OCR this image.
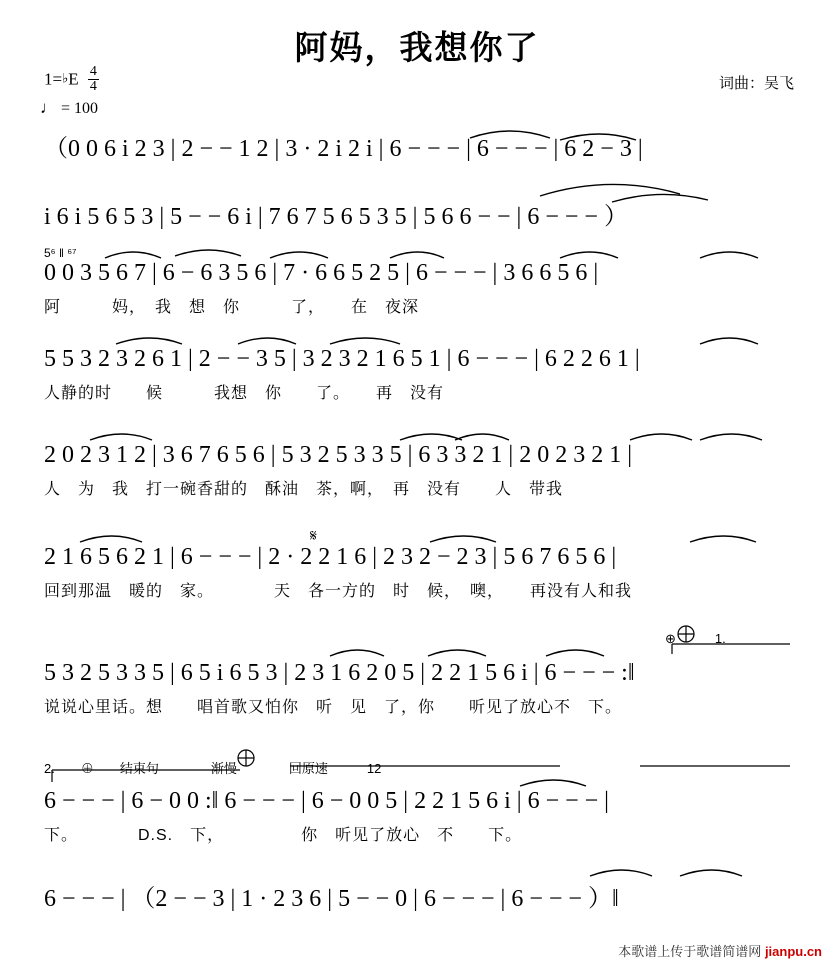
阿妈，我想你了
1=♭E $\frac{4}{4}$
♩ = 100
词曲：吴飞
（0 0 6 i 2 3 | 2 − − 1 2 | 3 · 2 i 2 i | 6 − − − | 6 − − − | 6 2 − 3 |
i 6 i 5 6 5 3 | 5 − − 6 i | 7 6 7 5 6 5 3 5 | 5 6 6 − − | 6 − − − ）
5⁶ ‖ ⁶⁷
0 0 3 5 6 7 | 6 − 6 3 5 6 | 7 · 6 6 5 2 5 | 6 − − − | 3 6 6 5 6 |
阿　　　妈，　我　想　你　　　了，　　在　夜深
5 5 3 2 3 2 6 1 | 2 − − 3 5 | 3 2 3 2 1 6 5 1 | 6 − − − | 6 2 2 6 1 |
人静的时　　候　　　我想　你　　了。　　再　没有
2 0 2 3 1 2 | 3 6 7 6 5 6 | 5 3 2 5 3 3 5 | 6 3 3 2 1 | 2 0 2 3 2 1 |
人　为　我　打一碗香甜的　酥油　茶，啊，　再　没有　　人　带我
𝄋
2 1 6 5 6 2 1 | 6 − − − | 2 · 2 2 1 6 | 2 3 2 − 2 3 | 5 6 7 6 5 6 |
回到那温　暖的　家。　　　　天　各一方的　时　候，　噢，　　再没有人和我
⊕　　　1.
5 3 2 5 3 3 5 | 6 5 i 6 5 3 | 2 3 1 6 2 0 5 | 2 2 1 5 6 i | 6 − − − :‖
说说心里话。想　　唱首歌又怕你　听　见　了，你　　听见了放心不　下。
2.　　⊕　　结束句　　　　渐慢　　　　回原速　　　12
6 − − − | 6 − 0 0 :‖ 6 − − − | 6 − 0 0 5 | 2 2 1 5 6 i | 6 − − − |
下。　　　　D.S.　下，　　　　　你　听见了放心　不　　下。
6 − − − | （2 − − 3 | 1 · 2 3 6 | 5 − − 0 | 6 − − − | 6 − − − ）‖
本歌谱上传于歌谱简谱网 jianpu.cn
